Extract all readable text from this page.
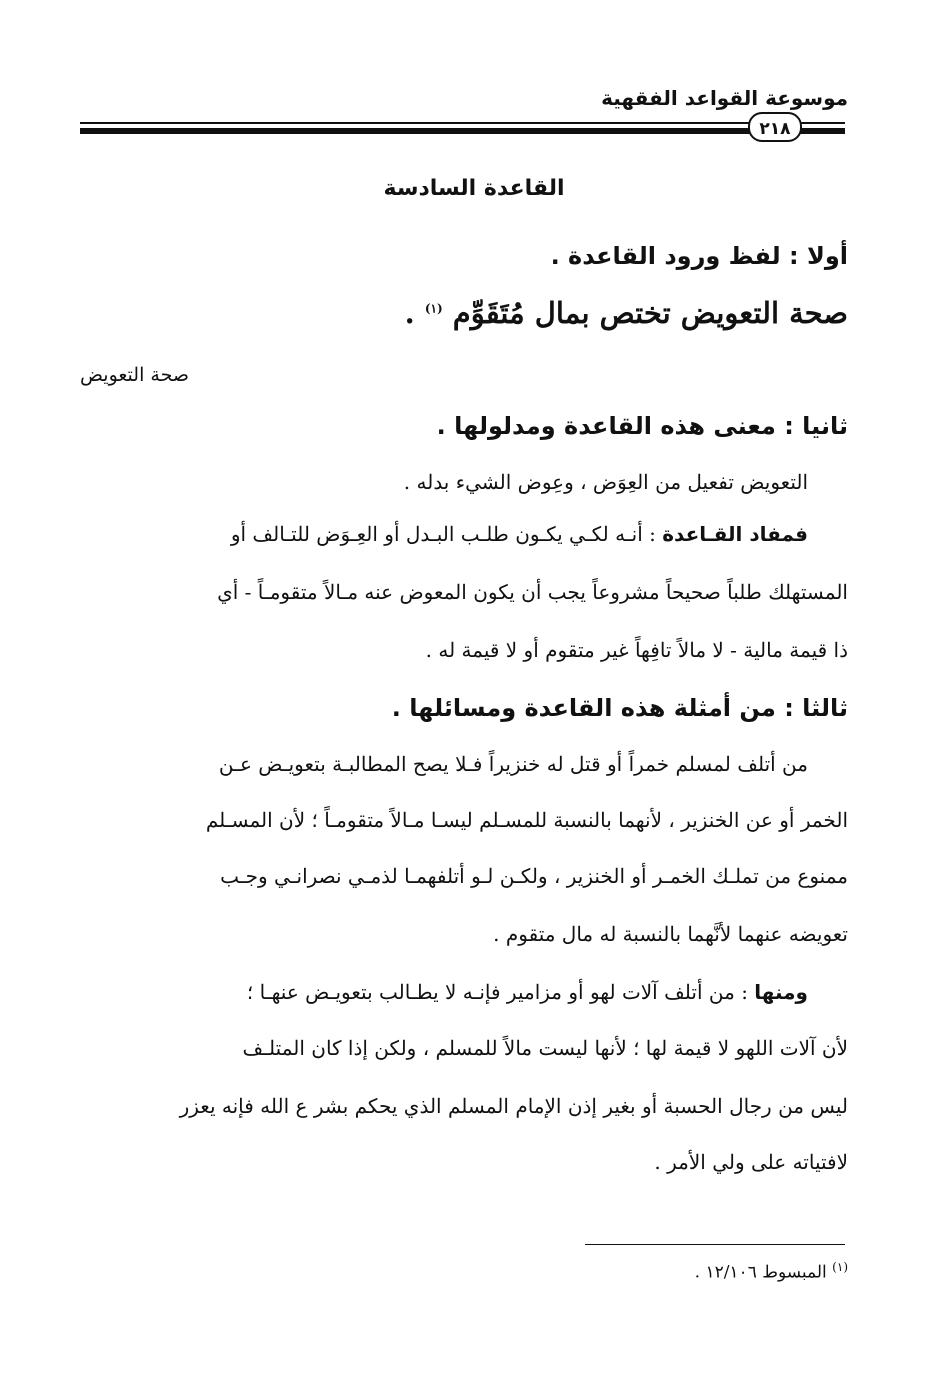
موسوعة القواعد الفقهية
٢١٨
القاعدة السادسة
أولا : لفظ ورود القاعدة .
صحة التعويض تختص بمال مُتَقَوِّم $^{(١)}$ .
صحة التعويض
ثانيا : معنى هذه القاعدة ومدلولها .
التعويض تفعيل من العِوَض ، وعِوض الشيء بدله .
فمفاد القـاعدة : أنـه لكـي يكـون طلـب البـدل أو العِـوَض للتـالف أو
المستهلك طلباً صحيحاً مشروعاً يجب أن يكون المعوض عنه مـالاً متقومـاً - أي
ذا قيمة مالية - لا مالاً تافِهاً غير متقوم أو لا قيمة له .
ثالثا : من أمثلة هذه القاعدة ومسائلها .
من أتلف لمسلم خمراً أو قتل له خنزيراً فـلا يصح المطالبـة بتعويـض عـن
الخمر أو عن الخنزير ، لأنهما بالنسبة للمسـلم ليسـا مـالاً متقومـاً ؛ لأن المسـلم
ممنوع من تملـك الخمـر أو الخنزير ، ولكـن لـو أتلفهمـا لذمـي نصرانـي وجـب
تعويضه عنهما لأنَّهما بالنسبة له مال متقوم .
ومنها : من أتلف آلات لهو أو مزامير فإنـه لا يطـالب بتعويـض عنهـا ؛
لأن آلات اللهو لا قيمة لها ؛ لأنها ليست مالاً للمسلم ، ولكن إذا كان المتلـف
ليس من رجال الحسبة أو بغير إذن الإمام المسلم الذي يحكم بشر ع الله فإنه يعزر
لافتياته على ولي الأمر .
$^{(١)}$ المبسوط ١٢/١٠٦ .
